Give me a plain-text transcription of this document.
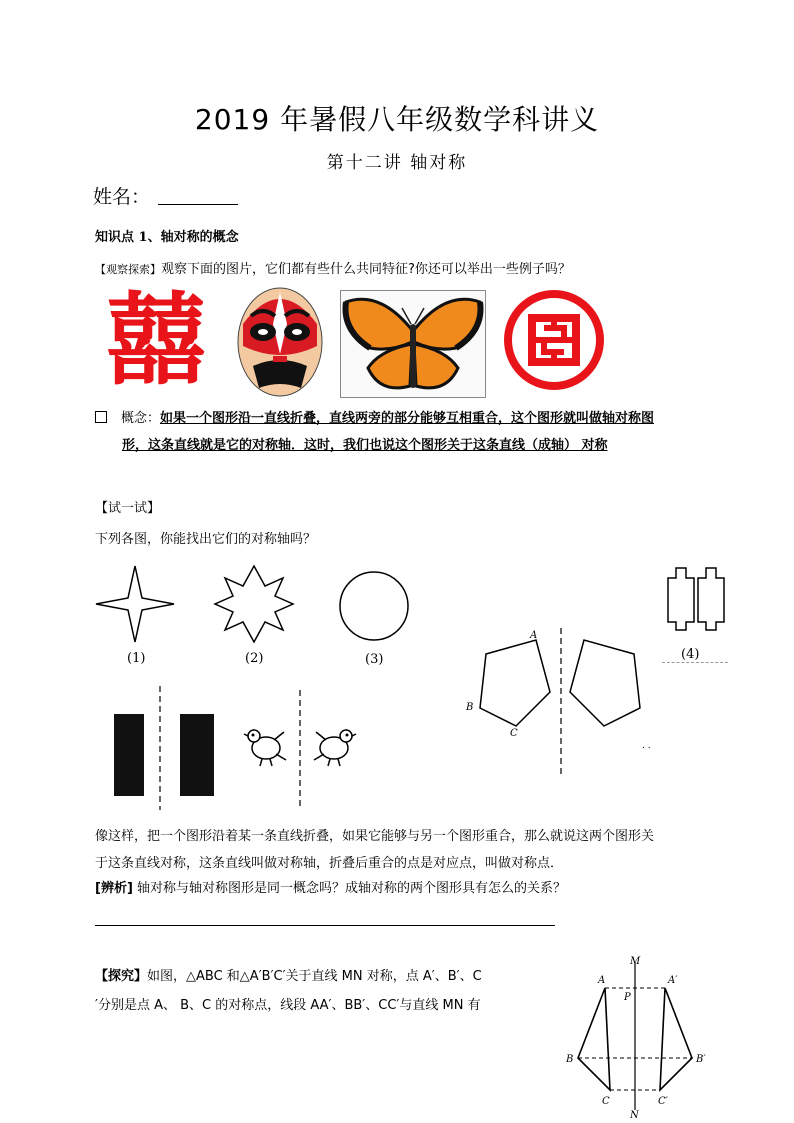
2019 年暑假八年级数学科讲义
第十二讲 轴对称
姓名：
知识点 1、轴对称的概念
【观察探索】观察下面的图片，它们都有些什么共同特征?你还可以举出一些例子吗？
囍
概念：如果一个图形沿一直线折叠，直线两旁的部分能够互相重合，这个图形就叫做轴对称图
形，这条直线就是它的对称轴．这时，我们也说这个图形关于这条直线（成轴） 对称
【试一试】
下列各图，你能找出它们的对称轴吗？
(1)	(2)	(3)	(4)
A
B
C
. .
像这样，把一个图形沿着某一条直线折叠，如果它能够与另一个图形重合，那么就说这两个图形关
于这条直线对称，这条直线叫做对称轴，折叠后重合的点是对应点，叫做对称点．
[辨析] 轴对称与轴对称图形是同一概念吗？成轴对称的两个图形具有怎么的关系？
【探究】如图，△ABC 和△A′B′C′关于直线 MN 对称，点 A′、B′、C
′分别是点 A、 B、C 的对称点，线段 AA′、BB′、CC′与直线 MN 有
M
N
P
A	A′
B	B′
C	C′
